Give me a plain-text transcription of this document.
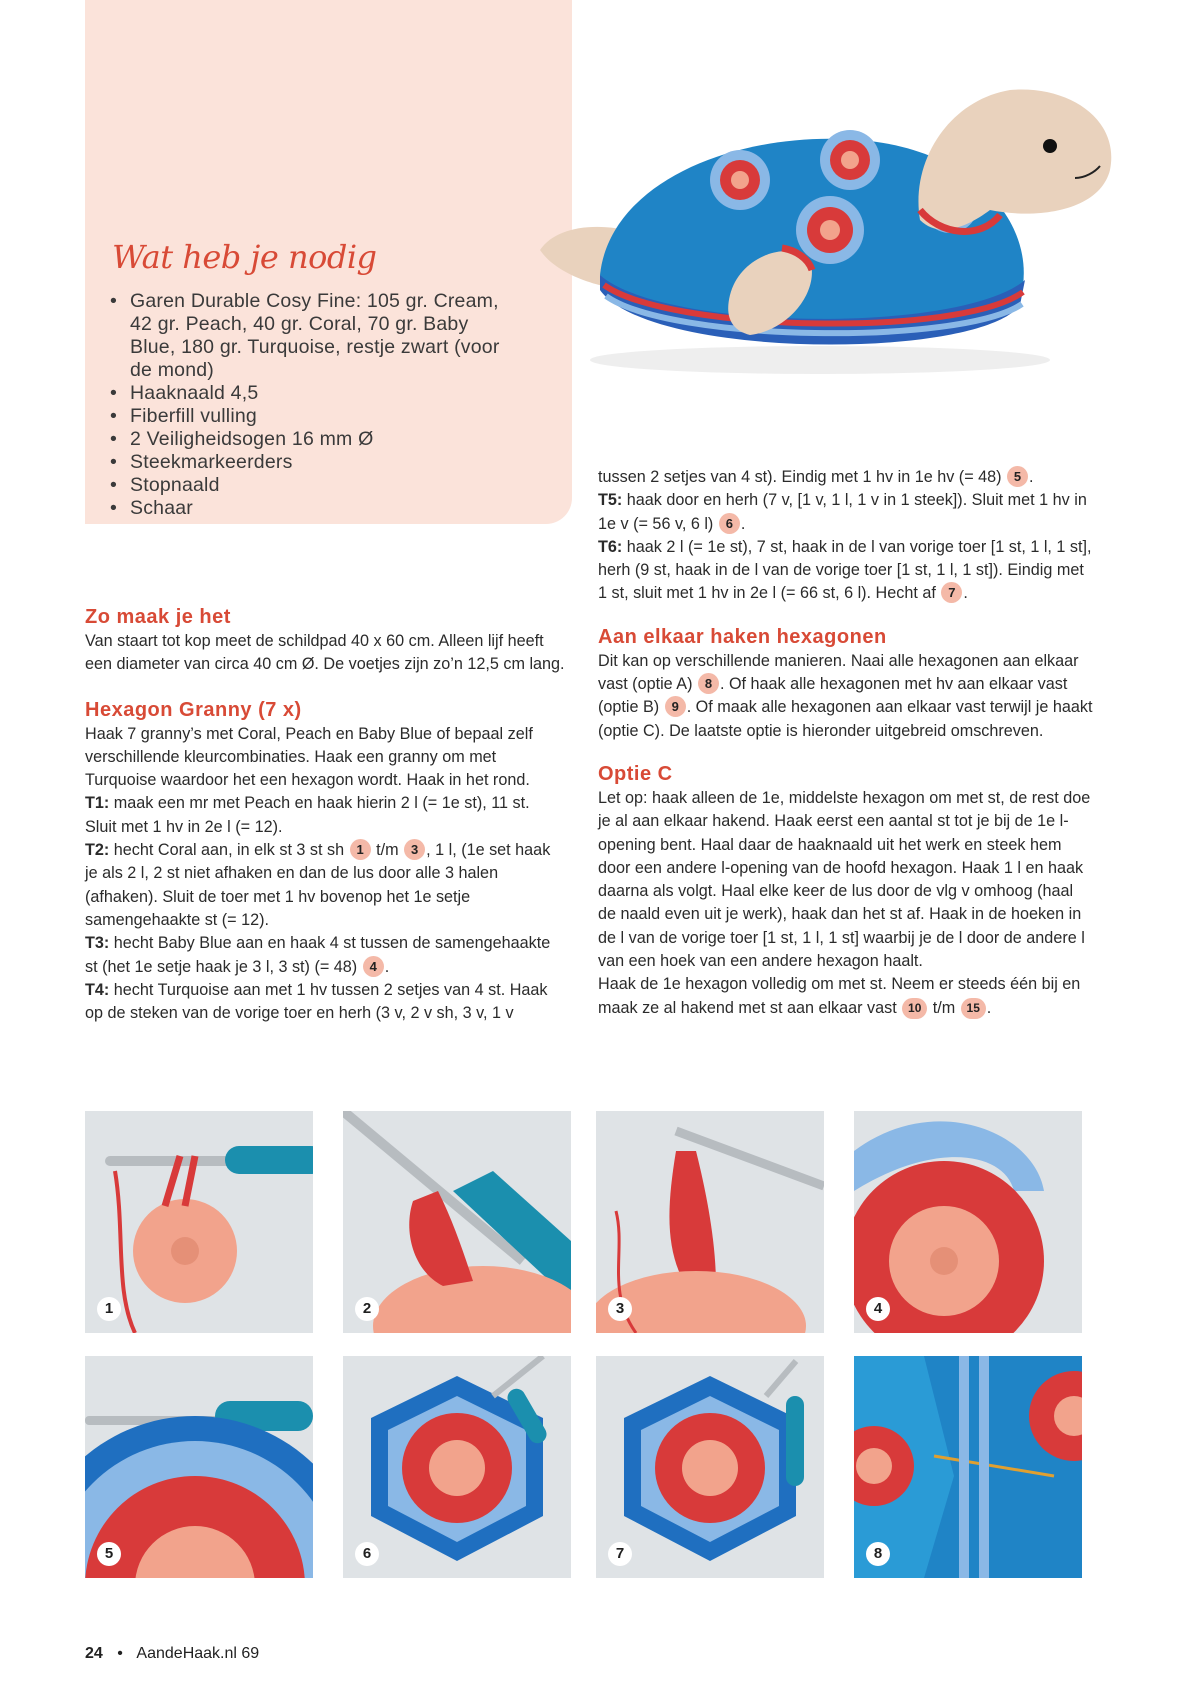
Wat heb je nodig
• Garen Durable Cosy Fine: 105 gr. Cream, 42 gr. Peach, 40 gr. Coral, 70 gr. Baby Blue, 180 gr. Turquoise, restje zwart (voor de mond)
• Haaknaald 4,5
• Fiberfill vulling
• 2 Veiligheidsogen 16 mm Ø
• Steekmarkeerders
• Stopnaald
• Schaar
Zo maak je het

Van staart tot kop meet de schildpad 40 x 60 cm. Alleen lijf heeft een diameter van circa 40 cm Ø. De voetjes zijn zo’n 12,5 cm lang.

Hexagon Granny (7 x)

Haak 7 granny’s met Coral, Peach en Baby Blue of bepaal zelf verschillende kleurcombinaties. Haak een granny om met Turquoise waardoor het een hexagon wordt. Haak in het rond.

T1: maak een mr met Peach en haak hierin 2 l (= 1e st), 11 st. Sluit met 1 hv in 2e l (= 12).

T2: hecht Coral aan, in elk st 3 st sh 1 t/m 3 , 1 l, (1e set haak je als 2 l, 2 st niet afhaken en dan de lus door alle 3 halen (afhaken). Sluit de toer met 1 hv bovenop het 1e setje samengehaakte st (= 12).

T3: hecht Baby Blue aan en haak 4 st tussen de samengehaakte st (het 1e setje haak je 3 l, 3 st) (= 48) 4 .

T4: hecht Turquoise aan met 1 hv tussen 2 setjes van 4 st. Haak op de steken van de vorige toer en herh (3 v, 2 v sh, 3 v, 1 v

tussen 2 setjes van 4 st). Eindig met 1 hv in 1e hv (= 48) 5 .

T5: haak door en herh (7 v, [1 v, 1 l, 1 v in 1 steek]). Sluit met 1 hv in 1e v (= 56 v, 6 l) 6 .

T6: haak 2 l (= 1e st), 7 st, haak in de l van vorige toer [1 st, 1 l, 1 st], herh (9 st, haak in de l van de vorige toer [1 st, 1 l, 1 st]). Eindig met 1 st, sluit met 1 hv in 2e l (= 66 st, 6 l). Hecht af 7 .

Aan elkaar haken hexagonen

Dit kan op verschillende manieren. Naai alle hexagonen aan elkaar vast (optie A) 8 . Of haak alle hexagonen met hv aan elkaar vast (optie B) 9 . Of maak alle hexagonen aan elkaar vast terwijl je haakt (optie C). De laatste optie is hieronder uitgebreid omschreven.

Optie C

Let op: haak alleen de 1e, middelste hexagon om met st, de rest doe je al aan elkaar hakend. Haak eerst een aantal st tot je bij de 1e l-opening bent. Haal daar de haaknaald uit het werk en steek hem door een andere l-opening van de hoofd hexagon. Haak 1 l en haak daarna als volgt. Haal elke keer de lus door de vlg v omhoog (haal de naald even uit je werk), haak dan het st af. Haak in de hoeken in de l van de vorige toer [1 st, 1 l, 1 st] waarbij je de l door de andere l van een hoek van een andere hexagon haalt.

Haak de 1e hexagon volledig om met st. Neem er steeds één bij en maak ze al hakend met st aan elkaar vast 10 t/m 15 .

1	2	3	4
5	6	7	8
24 • AandeHaak.nl 69
